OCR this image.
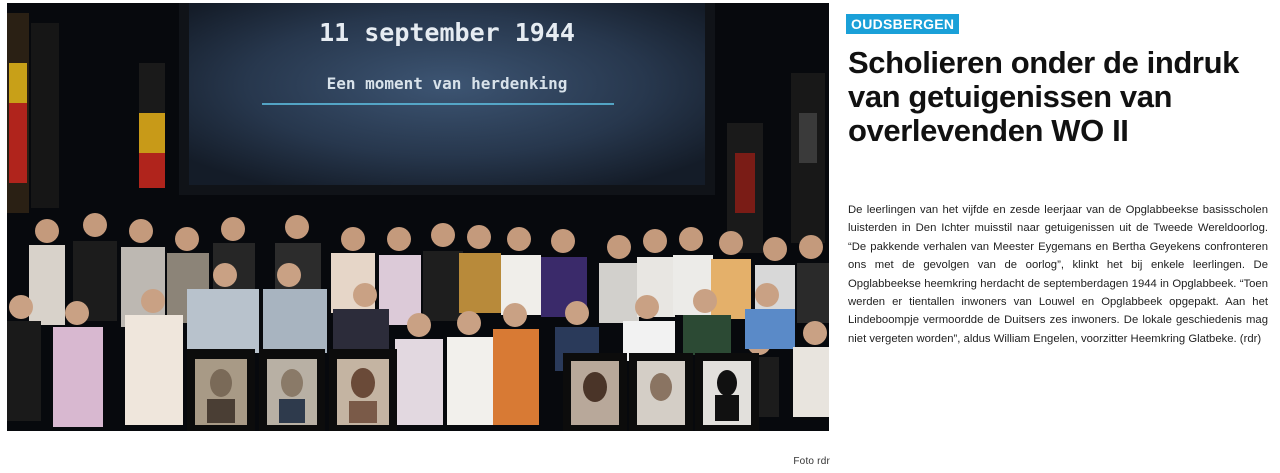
11 september 1944
Een moment van herdenking
Foto rdr
OUDSBERGEN
Scholieren onder de indruk van getuigenissen van overlevenden WO II
De leerlingen van het vijfde en zesde leerjaar van de Opglabbeekse basisscholen luisterden in Den Ichter muisstil naar getuigenissen uit de Tweede Wereldoorlog. “De pakkende verhalen van Meester Eygemans en Bertha Geyekens confronteren ons met de gevolgen van de oorlog”, klinkt het bij enkele leerlingen. De Opglabbeekse heemkring herdacht de septemberdagen 1944 in Opglabbeek. “Toen werden er tientallen inwoners van Louwel en Opglabbeek opgepakt. Aan het Lindeboompje vermoordde de Duitsers zes inwoners. De lokale geschiedenis mag niet vergeten worden”, aldus William Engelen, voorzitter Heemkring Glatbeke. (rdr)
